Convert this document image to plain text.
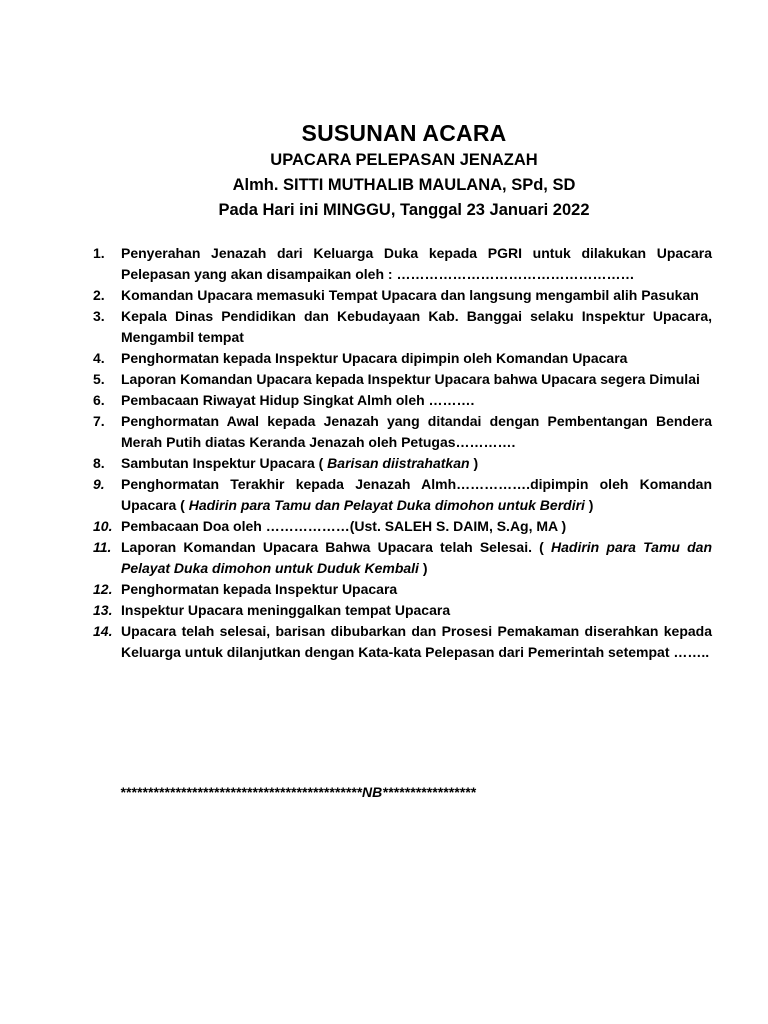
SUSUNAN ACARA
UPACARA PELEPASAN JENAZAH
Almh. SITTI MUTHALIB MAULANA, SPd, SD
Pada Hari ini MINGGU, Tanggal 23 Januari 2022
1. Penyerahan Jenazah dari Keluarga Duka kepada PGRI untuk dilakukan Upacara Pelepasan yang akan disampaikan oleh : ……………………………………………
2. Komandan Upacara memasuki Tempat Upacara dan langsung mengambil alih Pasukan
3. Kepala Dinas Pendidikan dan Kebudayaan Kab. Banggai selaku Inspektur Upacara, Mengambil tempat
4. Penghormatan kepada Inspektur Upacara dipimpin oleh Komandan Upacara
5. Laporan Komandan Upacara kepada Inspektur Upacara bahwa Upacara segera Dimulai
6. Pembacaan Riwayat Hidup Singkat Almh oleh ……….
7. Penghormatan Awal kepada Jenazah yang ditandai dengan Pembentangan Bendera Merah Putih diatas Keranda Jenazah oleh Petugas………….
8. Sambutan Inspektur Upacara ( Barisan diistrahatkan )
9. Penghormatan Terakhir kepada Jenazah Almh…………….dipimpin oleh Komandan Upacara ( Hadirin para Tamu dan Pelayat Duka dimohon untuk Berdiri )
10. Pembacaan Doa oleh ………………(Ust. SALEH S. DAIM, S.Ag, MA )
11. Laporan Komandan Upacara Bahwa Upacara telah Selesai. ( Hadirin para Tamu dan Pelayat Duka dimohon untuk Duduk Kembali )
12. Penghormatan kepada Inspektur Upacara
13. Inspektur Upacara meninggalkan tempat Upacara
14. Upacara telah selesai, barisan dibubarkan dan Prosesi Pemakaman diserahkan kepada Keluarga untuk dilanjutkan dengan Kata-kata Pelepasan dari Pemerintah setempat ……..
********************************************NB*****************
